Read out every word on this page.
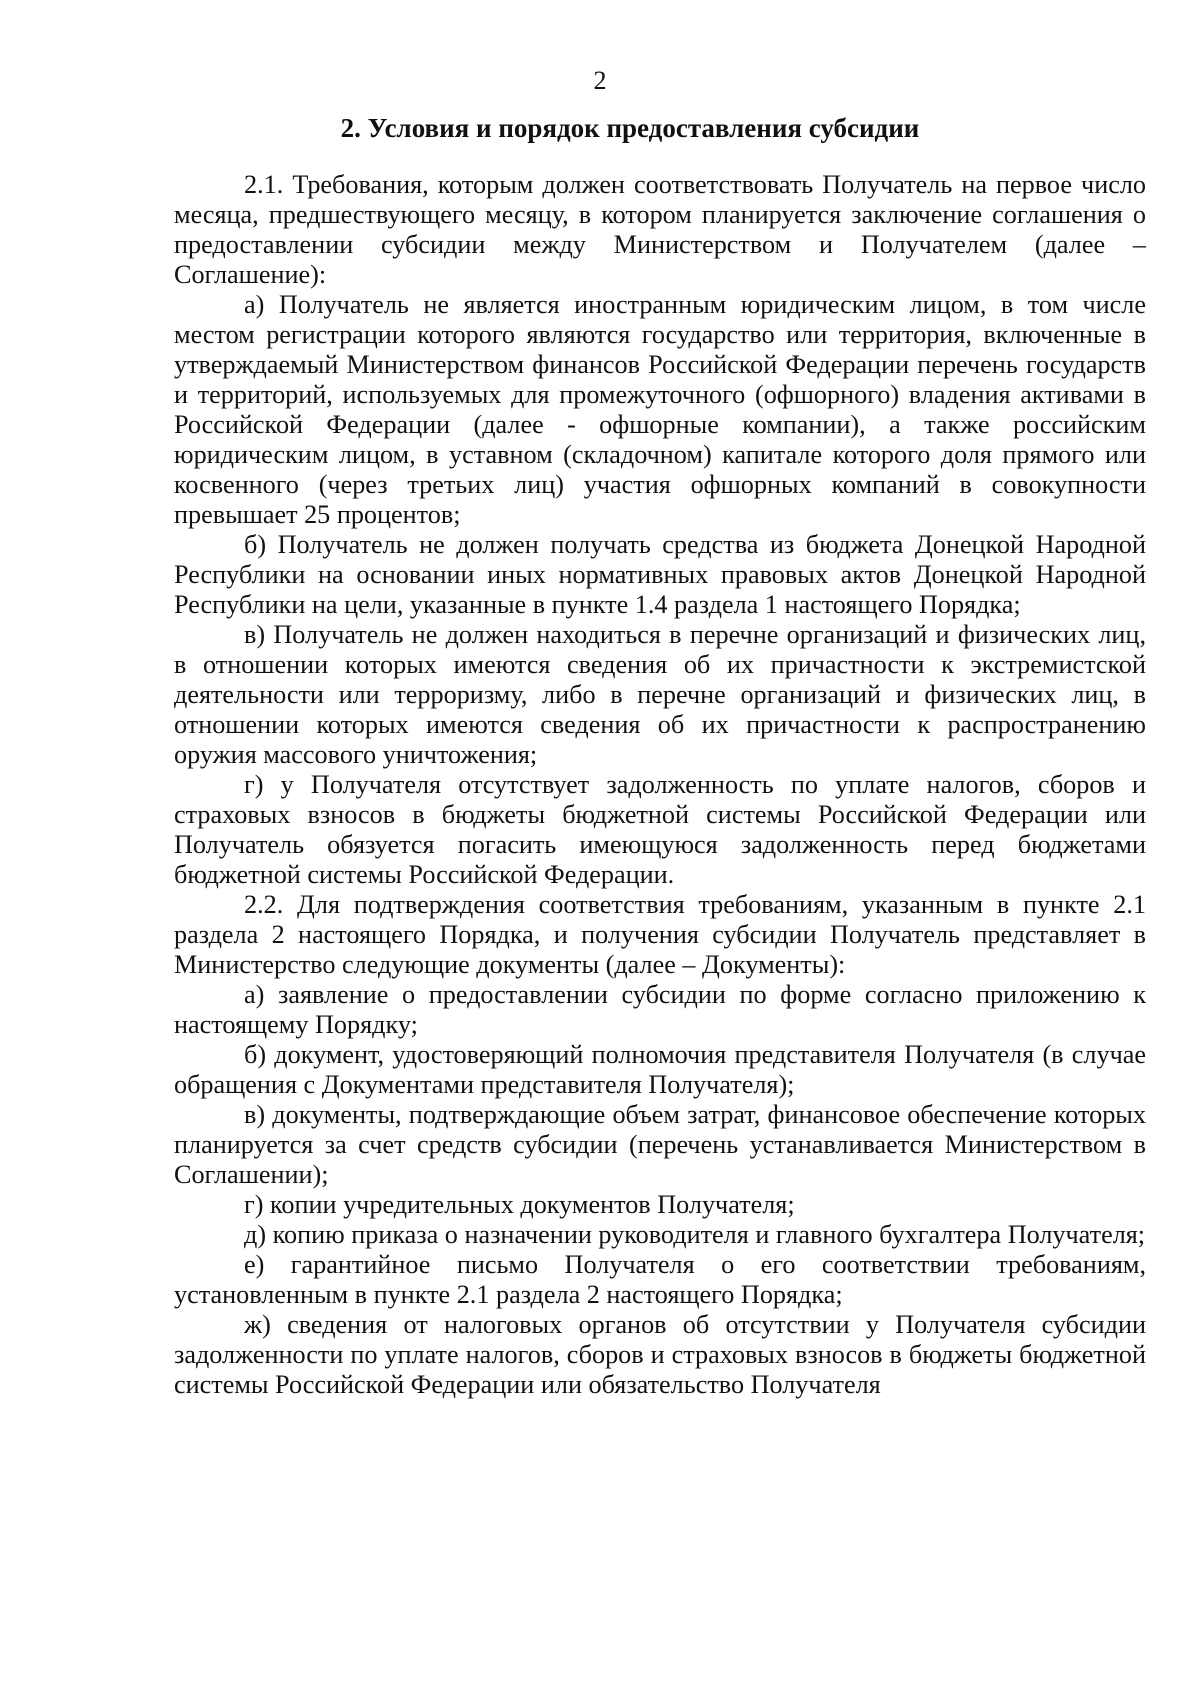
2
2. Условия и порядок предоставления субсидии

2.1. Требования, которым должен соответствовать Получатель на первое число месяца, предшествующего месяцу, в котором планируется заключение соглашения о предоставлении субсидии между Министерством и Получателем (далее – Соглашение):

а) Получатель не является иностранным юридическим лицом, в том числе местом регистрации которого являются государство или территория, включенные в утверждаемый Министерством финансов Российской Федерации перечень государств и территорий, используемых для промежуточного (офшорного) владения активами в Российской Федерации (далее - офшорные компании), а также российским юридическим лицом, в уставном (складочном) капитале которого доля прямого или косвенного (через третьих лиц) участия офшорных компаний в совокупности превышает 25 процентов;

б) Получатель не должен получать средства из бюджета Донецкой Народной Республики на основании иных нормативных правовых актов Донецкой Народной Республики на цели, указанные в пункте 1.4 раздела 1 настоящего Порядка;

в) Получатель не должен находиться в перечне организаций и физических лиц, в отношении которых имеются сведения об их причастности к экстремистской деятельности или терроризму, либо в перечне организаций и физических лиц, в отношении которых имеются сведения об их причастности к распространению оружия массового уничтожения;

г) у Получателя отсутствует задолженность по уплате налогов, сборов и страховых взносов в бюджеты бюджетной системы Российской Федерации или Получатель обязуется погасить имеющуюся задолженность перед бюджетами бюджетной системы Российской Федерации.

2.2. Для подтверждения соответствия требованиям, указанным в пункте 2.1 раздела 2 настоящего Порядка, и получения субсидии Получатель представляет в Министерство следующие документы (далее – Документы):

а) заявление о предоставлении субсидии по форме согласно приложению к настоящему Порядку;

б) документ, удостоверяющий полномочия представителя Получателя (в случае обращения с Документами представителя Получателя);

в) документы, подтверждающие объем затрат, финансовое обеспечение которых планируется за счет средств субсидии (перечень устанавливается Министерством в Соглашении);

г) копии учредительных документов Получателя;

д) копию приказа о назначении руководителя и главного бухгалтера Получателя;

е) гарантийное письмо Получателя о его соответствии требованиям, установленным в пункте 2.1 раздела 2 настоящего Порядка;

ж) сведения от налоговых органов об отсутствии у Получателя субсидии задолженности по уплате налогов, сборов и страховых взносов в бюджеты бюджетной системы Российской Федерации или обязательство Получателя
